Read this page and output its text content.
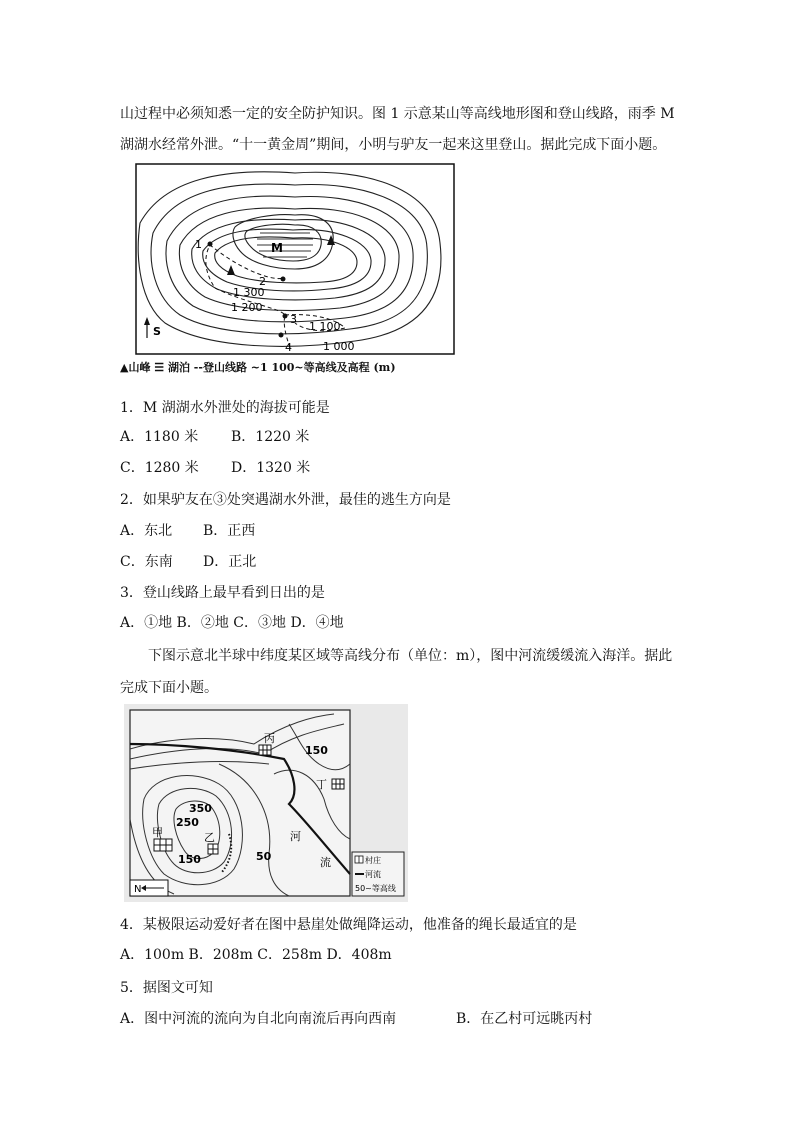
山过程中必须知悉一定的安全防护知识。图 1 示意某山等高线地形图和登山线路，雨季 M
湖湖水经常外泄。“十一黄金周”期间，小明与驴友一起来这里登山。据此完成下面小题。
M
1
2
3
4
1 300
1 200
1 100
1 000
S
▲山峰 ☰ 湖泊 --登山线路 ~1 100~等高线及高程 (m)
1．M 湖湖水外泄处的海拔可能是
A．1180 米 B．1220 米
C．1280 米 D．1320 米
2．如果驴友在③处突遇湖水外泄，最佳的逃生方向是
A．东北 B．正西
C．东南 D．正北
3．登山线路上最早看到日出的是
A．①地 B．②地 C．③地 D．④地
下图示意北半球中纬度某区域等高线分布（单位：m），图中河流缓缓流入海洋。据此
完成下面小题。
丙
丁
甲	乙	河
流
150
350
250
150	50
N
村庄
河流
50~等高线
4．某极限运动爱好者在图中悬崖处做绳降运动，他准备的绳长最适宜的是
A．100m B．208m C．258m D．408m
5．据图文可知
A．图中河流的流向为自北向南流后再向西南	B．在乙村可远眺丙村
